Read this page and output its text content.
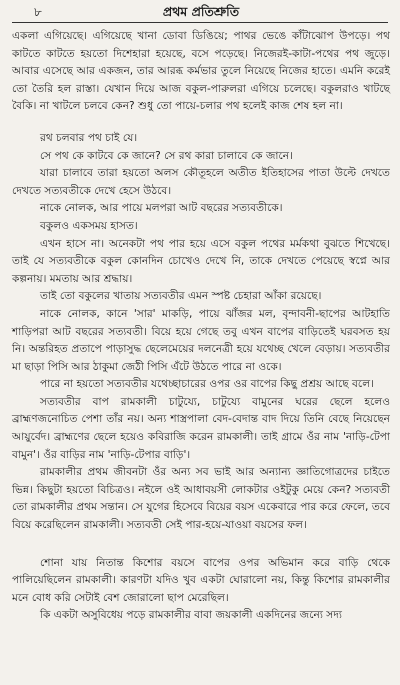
৮	প্রথম প্রতিশ্রুতি

একলা এগিয়েছে। এগিয়েছে খানা ডোবা ডিঙিয়ে; পাথর ভেঙে কাঁটাঝোপ উপড়ে। পথ কাটতে কাটতে হয়তো দিশেহারা হয়েছে, বসে পড়েছে। নিজেরই-কাটা-পথের পথ জুড়ে। আবার এসেছে আর একজন, তার আরব্ধ কর্মভার তুলে নিয়েছে নিজের হাতে। এমনি করেই তো তৈরি হল রাস্তা। যেখান দিয়ে আজ বকুল-পারুলরা এগিয়ে চলেছে। বকুলরাও খাটছে বৈকি। না খাটলে চলবে কেন? শুধু তো পায়ে-চলার পথ হলেই কাজ শেষ হল না।

রথ চলবার পথ চাই যে।

সে পথ কে কাটবে কে জানে? সে রথ কারা চালাবে কে জানে।

যারা চালাবে তারা হয়তো অলস কৌতূহলে অতীত ইতিহাসের পাতা উল্টে দেখতে দেখতে সত্যবতীকে দেখে হেসে উঠবে।

নাকে নোলক, আর পায়ে মলপরা আট বছরের সত্যবতীকে।

বকুলও একসময় হাসত।

এখন হাসে না। অনেকটা পথ পার হয়ে এসে বকুল পথের মর্মকথা বুঝতে শিখেছে। তাই যে সত্যবতীকে বকুল কোনদিন চোখেও দেখে নি, তাকে দেখতে পেয়েছে স্বপ্নে আর কল্পনায়। মমতায় আর শ্রদ্ধায়।

তাই তো বকুলের খাতায় সত্যবতীর এমন স্পষ্ট চেহারা আঁকা রয়েছে।

নাকে নোলক, কানে 'সার' মাকড়ি, পায়ে ঝাঁজর মল, বৃন্দাবনী-ছাপের আটহাতি শাড়িপরা আট বছরের সত্যবতী। বিয়ে হয়ে গেছে তবু এখন বাপের বাড়িতেই ঘরবসত হয় নি। অন্তরিহত প্রতাপে পাড়াসুদ্ধ ছেলেমেয়ের দলনেত্রী হয়ে যথেচ্ছ খেলে বেড়ায়। সত্যবতীর মা ছাড়া পিসি আর ঠাকুমা জেঠী পিসি এঁটে উঠতে পারে না ওকে।

পারে না হয়তো সত্যবতীর যথেচ্ছাচারের ওপর ওর বাপের কিছু প্রশ্রয় আছে বলে।

সত্যবতীর বাপ রামকালী চাটুয্যে, চাটুয্যে বামুনের ঘরের ছেলে হলেও ব্রাহ্মণজনোচিত পেশা তাঁর নয়। অন্য শাস্ত্রপালা বেদ-বেদান্ত বাদ দিয়ে তিনি বেছে নিয়েছেন আয়ুর্বেদ। ব্রাহ্মণের ছেলে হয়েও কবিরাজি করেন রামকালী। তাই গ্রামে ওঁর নাম 'নাড়ি-টেপা বামুন'। ওঁর বাড়ির নাম 'নাড়ি-টেপার বাড়ি'।

রামকালীর প্রথম জীবনটা ওঁর অন্য সব ভাই আর অন্যান্য জ্ঞাতিগোত্রদের চাইতে ভিন্ন। কিছুটা হয়তো বিচিত্রও। নইলে ওই আধাবয়সী লোকটার ওইটুকু মেয়ে কেন? সত্যবতী তো রামকালীর প্রথম সন্তান। সে যুগের হিসেবে বিয়ের বয়স একেবারে পার করে ফেলে, তবে বিয়ে করেছিলেন রামকালী। সত্যবতী সেই পার-হয়ে-যাওয়া বয়সের ফল।

শোনা যায় নিতান্ত কিশোর বয়সে বাপের ওপর অভিমান করে বাড়ি থেকে পালিয়েছিলেন রামকালী। কারণটা যদিও খুব একটা ঘোরালো নয়, কিন্তু কিশোর রামকালীর মনে বোধ করি সেটাই বেশ জোরালো ছাপ মেরেছিল।

কি একটা অসুবিধেয় পড়ে রামকালীর বাবা জয়কালী একদিনের জন্যে সদ্য
